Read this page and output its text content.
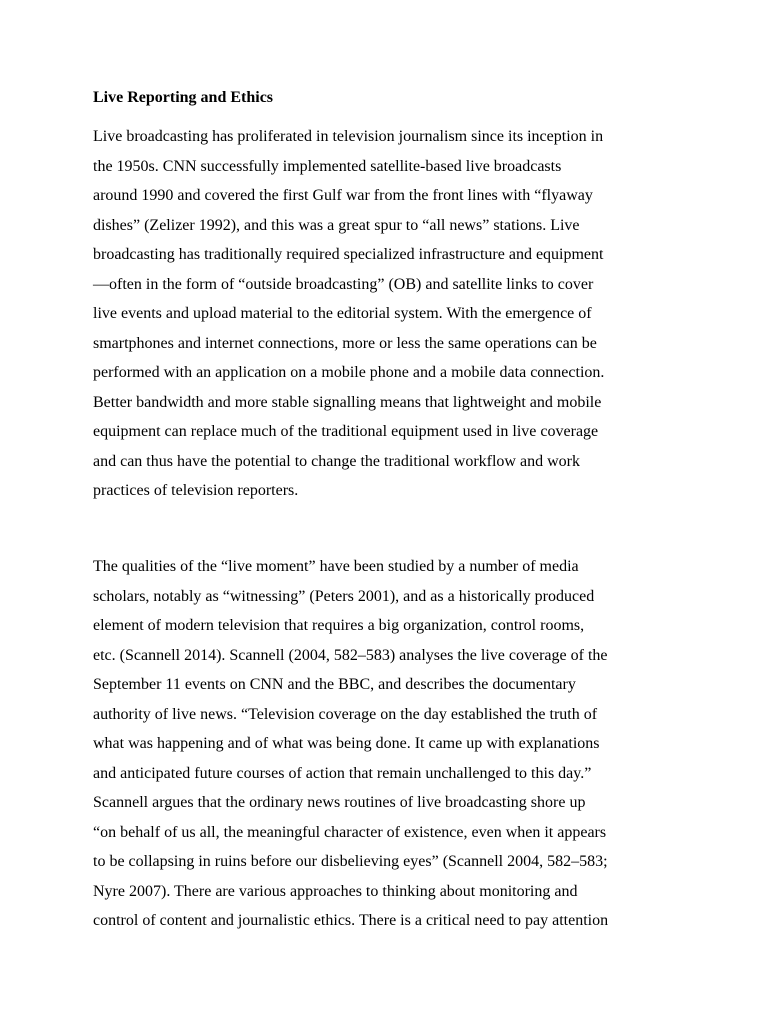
Live Reporting and Ethics
Live broadcasting has proliferated in television journalism since its inception in
the 1950s. CNN successfully implemented satellite-based live broadcasts
around 1990 and covered the first Gulf war from the front lines with “flyaway
dishes” (Zelizer 1992), and this was a great spur to “all news” stations. Live
broadcasting has traditionally required specialized infrastructure and equipment
—often in the form of “outside broadcasting” (OB) and satellite links to cover
live events and upload material to the editorial system. With the emergence of
smartphones and internet connections, more or less the same operations can be
performed with an application on a mobile phone and a mobile data connection.
Better bandwidth and more stable signalling means that lightweight and mobile
equipment can replace much of the traditional equipment used in live coverage
and can thus have the potential to change the traditional workflow and work
practices of television reporters.
The qualities of the “live moment” have been studied by a number of media
scholars, notably as “witnessing” (Peters 2001), and as a historically produced
element of modern television that requires a big organization, control rooms,
etc. (Scannell 2014). Scannell (2004, 582–583) analyses the live coverage of the
September 11 events on CNN and the BBC, and describes the documentary
authority of live news. “Television coverage on the day established the truth of
what was happening and of what was being done. It came up with explanations
and anticipated future courses of action that remain unchallenged to this day.”
Scannell argues that the ordinary news routines of live broadcasting shore up
“on behalf of us all, the meaningful character of existence, even when it appears
to be collapsing in ruins before our disbelieving eyes” (Scannell 2004, 582–583;
Nyre 2007). There are various approaches to thinking about monitoring and
control of content and journalistic ethics. There is a critical need to pay attention
